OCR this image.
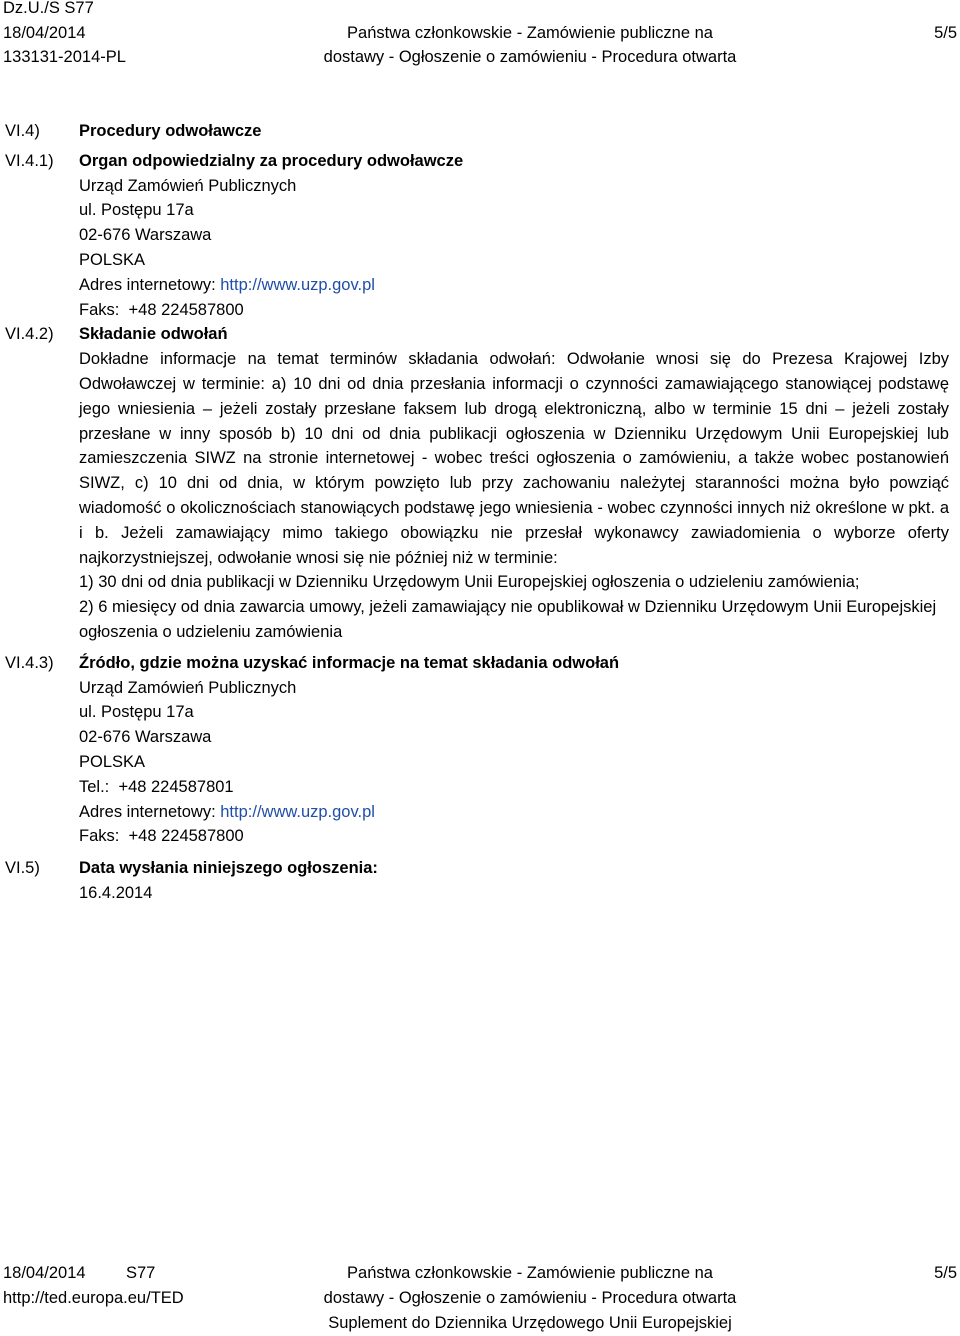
Dz.U./S S77
18/04/2014
133131-2014-PL
Państwa członkowskie - Zamówienie publiczne na
dostawy - Ogłoszenie o zamówieniu - Procedura otwarta
5/5
VI.4) Procedury odwoławcze
VI.4.1) Organ odpowiedzialny za procedury odwoławcze
Urząd Zamówień Publicznych
ul. Postępu 17a
02-676 Warszawa
POLSKA
Adres internetowy: http://www.uzp.gov.pl
Faks: +48 224587800
VI.4.2) Składanie odwołań
Dokładne informacje na temat terminów składania odwołań: Odwołanie wnosi się do Prezesa Krajowej Izby Odwoławczej w terminie: a) 10 dni od dnia przesłania informacji o czynności zamawiającego stanowiącej podstawę jego wniesienia – jeżeli zostały przesłane faksem lub drogą elektroniczną, albo w terminie 15 dni – jeżeli zostały przesłane w inny sposób b) 10 dni od dnia publikacji ogłoszenia w Dzienniku Urzędowym Unii Europejskiej lub zamieszczenia SIWZ na stronie internetowej - wobec treści ogłoszenia o zamówieniu, a także wobec postanowień SIWZ, c) 10 dni od dnia, w którym powzięto lub przy zachowaniu należytej staranności można było powziąć wiadomość o okolicznościach stanowiących podstawę jego wniesienia - wobec czynności innych niż określone w pkt. a i b. Jeżeli zamawiający mimo takiego obowiązku nie przesłał wykonawcy zawiadomienia o wyborze oferty najkorzystniejszej, odwołanie wnosi się nie później niż w terminie:
1) 30 dni od dnia publikacji w Dzienniku Urzędowym Unii Europejskiej ogłoszenia o udzieleniu zamówienia;
2) 6 miesięcy od dnia zawarcia umowy, jeżeli zamawiający nie opublikował w Dzienniku Urzędowym Unii Europejskiej ogłoszenia o udzieleniu zamówienia
VI.4.3) Źródło, gdzie można uzyskać informacje na temat składania odwołań
Urząd Zamówień Publicznych
ul. Postępu 17a
02-676 Warszawa
POLSKA
Tel.: +48 224587801
Adres internetowy: http://www.uzp.gov.pl
Faks: +48 224587800
VI.5) Data wysłania niniejszego ogłoszenia:
16.4.2014
18/04/2014 S77
http://ted.europa.eu/TED
Państwa członkowskie - Zamówienie publiczne na
dostawy - Ogłoszenie o zamówieniu - Procedura otwarta
Suplement do Dziennika Urzędowego Unii Europejskiej
5/5
